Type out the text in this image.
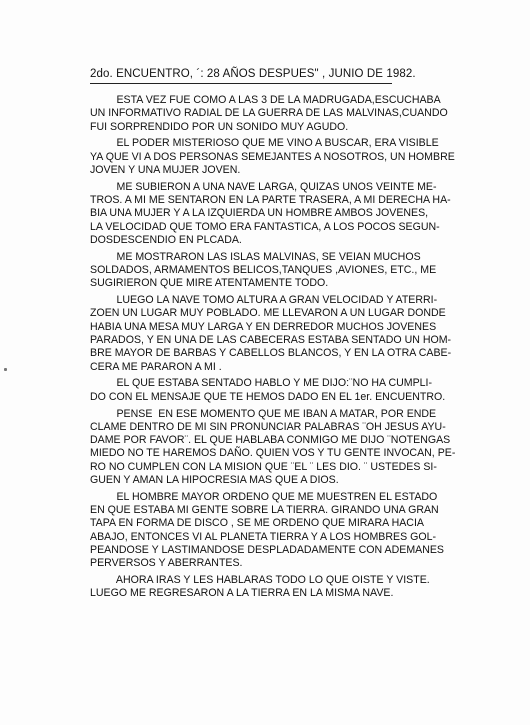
2do. ENCUENTRO, ´: 28 AÑOS DESPUES" , JUNIO DE 1982.
ESTA VEZ FUE COMO A LAS 3 DE LA MADRUGADA,ESCUCHABA
UN INFORMATIVO RADIAL DE LA GUERRA DE LAS MALVINAS,CUANDO
FUI SORPRENDIDO POR UN SONIDO MUY AGUDO.
EL PODER MISTERIOSO QUE ME VINO A BUSCAR, ERA VISIBLE
YA QUE VI A DOS PERSONAS SEMEJANTES A NOSOTROS, UN HOMBRE
JOVEN Y UNA MUJER JOVEN.
ME SUBIERON A UNA NAVE LARGA, QUIZAS UNOS VEINTE ME-
TROS. A MI ME SENTARON EN LA PARTE TRASERA, A MI DERECHA HA-
BIA UNA MUJER Y A LA IZQUIERDA UN HOMBRE AMBOS JOVENES,
LA VELOCIDAD QUE TOMO ERA FANTASTICA, A LOS POCOS SEGUN-
DOSDESCENDIO EN PLCADA.
ME MOSTRARON LAS ISLAS MALVINAS, SE VEIAN MUCHOS
SOLDADOS, ARMAMENTOS BELICOS,TANQUES ,AVIONES, ETC., ME
SUGIRIERON QUE MIRE ATENTAMENTE TODO.
LUEGO LA NAVE TOMO ALTURA A GRAN VELOCIDAD Y ATERRI-
ZOEN UN LUGAR MUY POBLADO. ME LLEVARON A UN LUGAR DONDE
HABIA UNA MESA MUY LARGA Y EN DERREDOR MUCHOS JOVENES
PARADOS, Y EN UNA DE LAS CABECERAS ESTABA SENTADO UN HOM-
BRE MAYOR DE BARBAS Y CABELLOS BLANCOS, Y EN LA OTRA CABE-
CERA ME PARARON A MI .
EL QUE ESTABA SENTADO HABLO Y ME DIJO:¨NO HA CUMPLI-
DO CON EL MENSAJE QUE TE HEMOS DADO EN EL 1er. ENCUENTRO.
PENSE  EN ESE MOMENTO QUE ME IBAN A MATAR, POR ENDE
CLAME DENTRO DE MI SIN PRONUNCIAR PALABRAS ¨OH JESUS AYU-
DAME POR FAVOR¨. EL QUE HABLABA CONMIGO ME DIJO ¨NOTENGAS
MIEDO NO TE HAREMOS DAÑO. QUIEN VOS Y TU GENTE INVOCAN, PE-
RO NO CUMPLEN CON LA MISION QUE ¨EL ¨ LES DIO. ¨ USTEDES SI-
GUEN Y AMAN LA HIPOCRESIA MAS QUE A DIOS.
EL HOMBRE MAYOR ORDENO QUE ME MUESTREN EL ESTADO
EN QUE ESTABA MI GENTE SOBRE LA TIERRA. GIRANDO UNA GRAN
TAPA EN FORMA DE DISCO , SE ME ORDENO QUE MIRARA HACIA
ABAJO, ENTONCES VI AL PLANETA TIERRA Y A LOS HOMBRES GOL-
PEANDOSE Y LASTIMANDOSE DESPLADADAMENTE CON ADEMANES
PERVERSOS Y ABERRANTES.
AHORA IRAS Y LES HABLARAS TODO LO QUE OISTE Y VISTE.
LUEGO ME REGRESARON A LA TIERRA EN LA MISMA NAVE.
